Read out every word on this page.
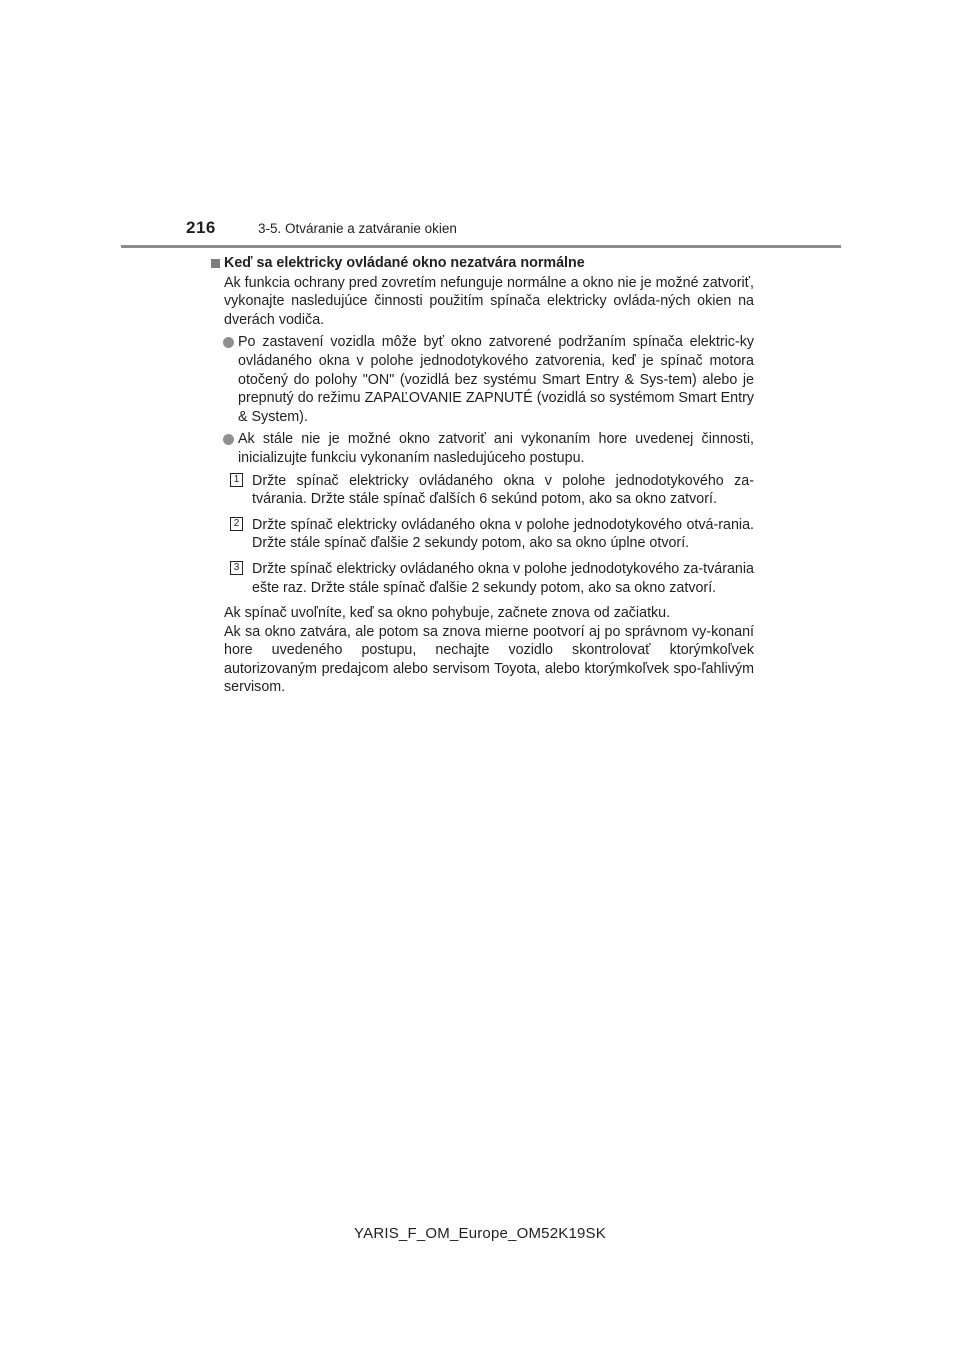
216	3-5. Otváranie a zatváranie okien
Keď sa elektricky ovládané okno nezatvára normálne
Ak funkcia ochrany pred zovretím nefunguje normálne a okno nie je možné zatvoriť, vykonajte nasledujúce činnosti použitím spínača elektricky ovláda-ných okien na dverách vodiča.
Po zastavení vozidla môže byť okno zatvorené podržaním spínača elektric-ky ovládaného okna v polohe jednodotykového zatvorenia, keď je spínač motora otočený do polohy "ON" (vozidlá bez systému Smart Entry & Sys-tem) alebo je prepnutý do režimu ZAPAĽOVANIE ZAPNUTÉ (vozidlá so systémom Smart Entry & System).
Ak stále nie je možné okno zatvoriť ani vykonaním hore uvedenej činnosti, inicializujte funkciu vykonaním nasledujúceho postupu.
1 Držte spínač elektricky ovládaného okna v polohe jednodotykového za-tvárania. Držte stále spínač ďalších 6 sekúnd potom, ako sa okno zatvorí.
2 Držte spínač elektricky ovládaného okna v polohe jednodotykového otvá-rania. Držte stále spínač ďalšie 2 sekundy potom, ako sa okno úplne otvorí.
3 Držte spínač elektricky ovládaného okna v polohe jednodotykového za-tvárania ešte raz. Držte stále spínač ďalšie 2 sekundy potom, ako sa okno zatvorí.
Ak spínač uvoľníte, keď sa okno pohybuje, začnete znova od začiatku.
Ak sa okno zatvára, ale potom sa znova mierne pootvorí aj po správnom vy-konaní hore uvedeného postupu, nechajte vozidlo skontrolovať ktorýmkoľvek autorizovaným predajcom alebo servisom Toyota, alebo ktorýmkoľvek spo-ľahlivým servisom.
YARIS_F_OM_Europe_OM52K19SK
